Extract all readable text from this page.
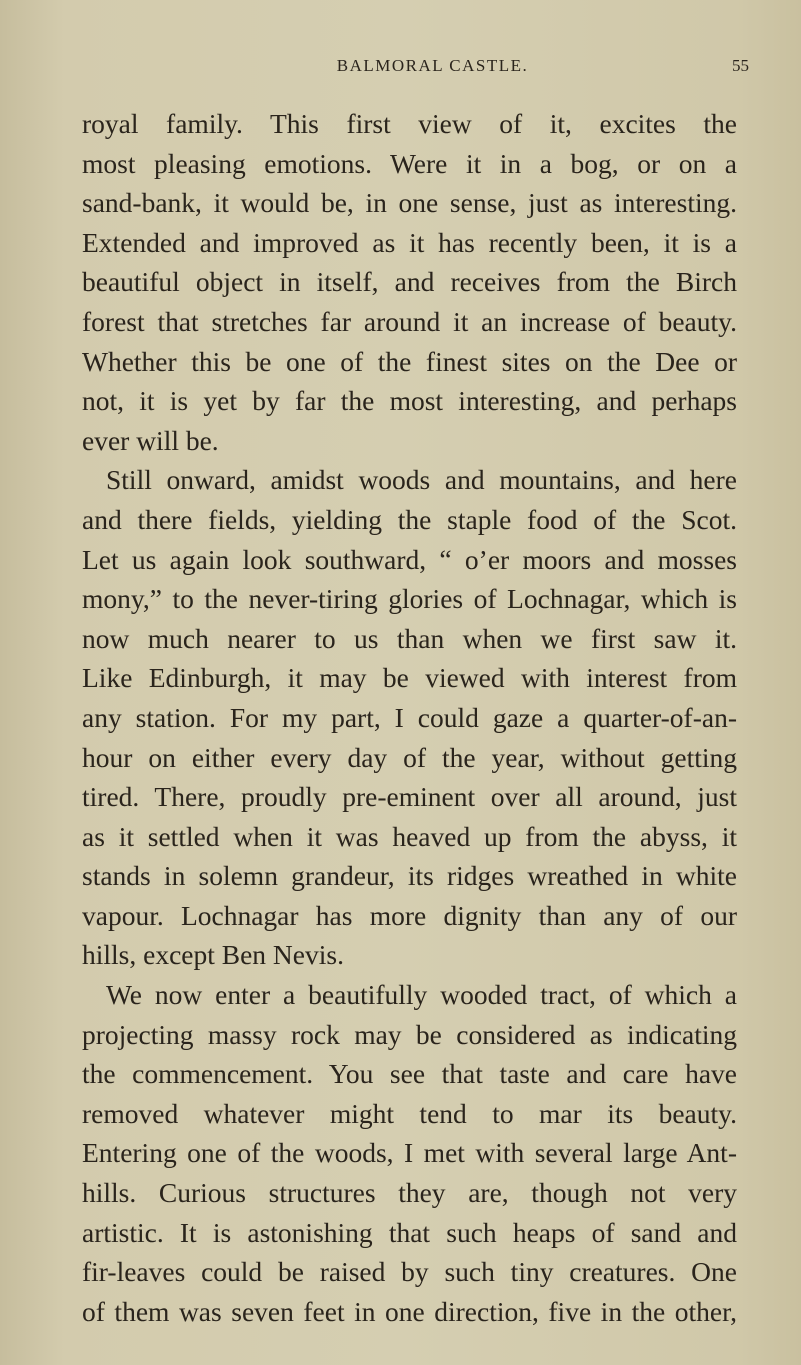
BALMORAL CASTLE.	55
royal family. This first view of it, excites the
most pleasing emotions. Were it in a bog, or on a
sand-bank, it would be, in one sense, just as interesting.
Extended and improved as it has recently been, it is a
beautiful object in itself, and receives from the Birch
forest that stretches far around it an increase of beauty.
Whether this be one of the finest sites on the Dee or
not, it is yet by far the most interesting, and perhaps
ever will be.
Still onward, amidst woods and mountains, and here
and there fields, yielding the staple food of the Scot.
Let us again look southward, “ o’er moors and mosses
mony,” to the never-tiring glories of Lochnagar, which is
now much nearer to us than when we first saw it.
Like Edinburgh, it may be viewed with interest from
any station. For my part, I could gaze a quarter-of-an-
hour on either every day of the year, without getting
tired. There, proudly pre-eminent over all around, just
as it settled when it was heaved up from the abyss, it
stands in solemn grandeur, its ridges wreathed in white
vapour. Lochnagar has more dignity than any of our
hills, except Ben Nevis.
We now enter a beautifully wooded tract, of which a
projecting massy rock may be considered as indicating
the commencement. You see that taste and care have
removed whatever might tend to mar its beauty.
Entering one of the woods, I met with several large Ant-
hills. Curious structures they are, though not very
artistic. It is astonishing that such heaps of sand and
fir-leaves could be raised by such tiny creatures. One
of them was seven feet in one direction, five in the other,
